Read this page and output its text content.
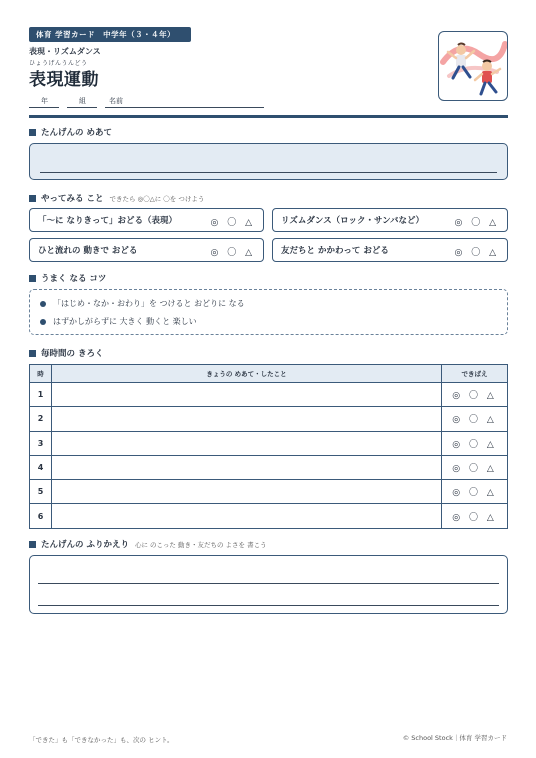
体育 学習カード　中学年（３・４年）
表現・リズムダンス
ひょうげんうんどう
表現運動
年	組	名前
たんげんの めあて
やってみる こと できたら ◎〇△に 〇を つけよう
「〜に なりきって」おどる（表現）	◎ 〇 △	リズムダンス（ロック・サンバなど）	◎ 〇 △
ひと流れの 動きで おどる	◎ 〇 △	友だちと かかわって おどる	◎ 〇 △
うまく なる コツ
「はじめ・なか・おわり」を つけると おどりに なる
はずかしがらずに 大きく 動くと 楽しい
毎時間の きろく
時	きょうの めあて・したこと	できばえ
1		◎ 〇 △
2		◎ 〇 △
3		◎ 〇 △
4		◎ 〇 △
5		◎ 〇 △
6		◎ 〇 △
たんげんの ふりかえり 心に のこった 動き・友だちの よさを 書こう
「できた」も「できなかった」も、次の ヒント。	© School Stock｜体育 学習カード
